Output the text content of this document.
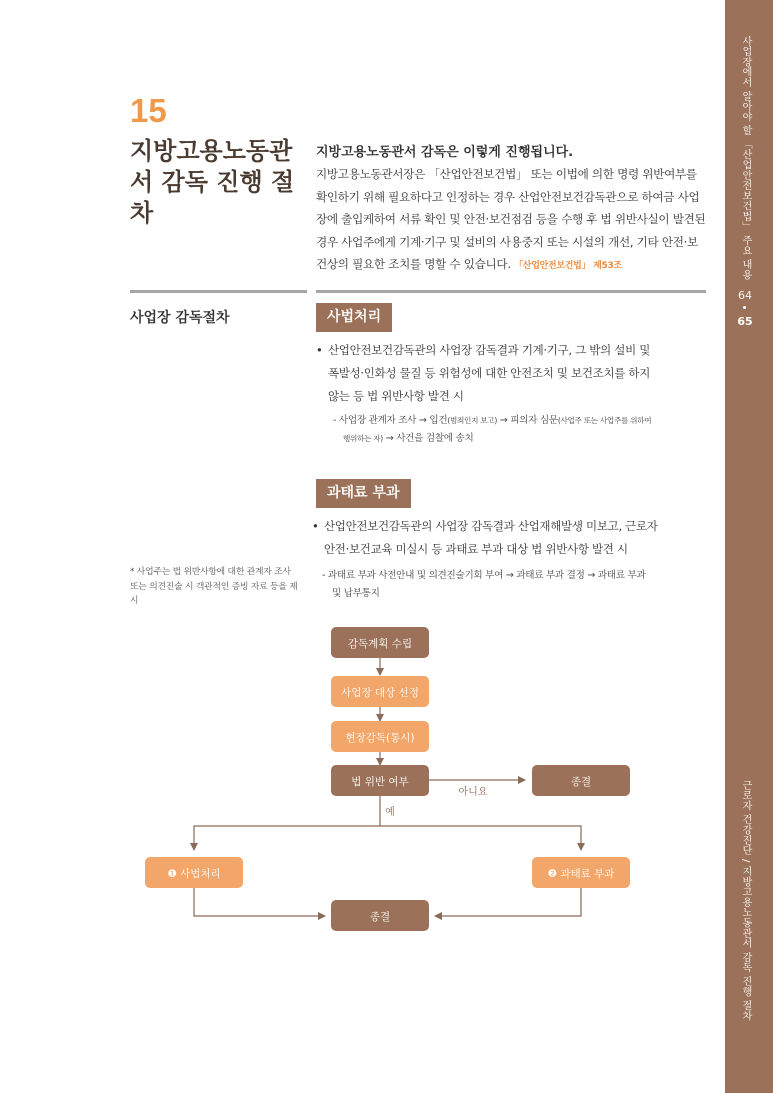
사업장에서 알아야 할 「산업안전보건법」 주요 내용
근로자 건강진단 / 지방고용노동관서 감독 진행 절차
64
65
15
지방고용노동관서 감독 진행 절차
지방고용노동관서 감독은 이렇게 진행됩니다.
지방고용노동관서장은 「산업안전보건법」 또는 이법에 의한 명령 위반여부를 확인하기 위해 필요하다고 인정하는 경우 산업안전보건감독관으로 하여금 사업장에 출입케하여 서류 확인 및 안전·보건점검 등을 수행 후 법 위반사실이 발견된 경우 사업주에게 기계·기구 및 설비의 사용중지 또는 시설의 개선, 기타 안전·보건상의 필요한 조치를 명할 수 있습니다. 「산업안전보건법」 제53조
사업장 감독절차	사법처리
• 산업안전보건감독관의 사업장 감독결과 기계·기구, 그 밖의 설비 및
폭발성·인화성 물질 등 위험성에 대한 안전조치 및 보건조치를 하지
않는 등 법 위반사항 발견 시
- 사업장 관계자 조사 → 입건(범죄인지 보고) → 피의자 심문(사업주 또는 사업주를 위하여
행위하는 자) → 사건을 검찰에 송치
과태료 부과
• 산업안전보건감독관의 사업장 감독결과 산업재해발생 미보고, 근로자
안전·보건교육 미실시 등 과태료 부과 대상 법 위반사항 발견 시
- 과태료 부과 사전안내 및 의견진술기회 부여 → 과태료 부과 결정 → 과태료 부과
및 납부통지
* 사업주는 법 위반사항에 대한 관계자 조사 또는 의견진술 시 객관적인 증빙 자료 등을 제시
감독계획 수립
사업장 대상 선정
현장감독(통시)
법 위반 여부	종결
❶ 사법처리	❷ 과태료 부과
종결
아니요
예
